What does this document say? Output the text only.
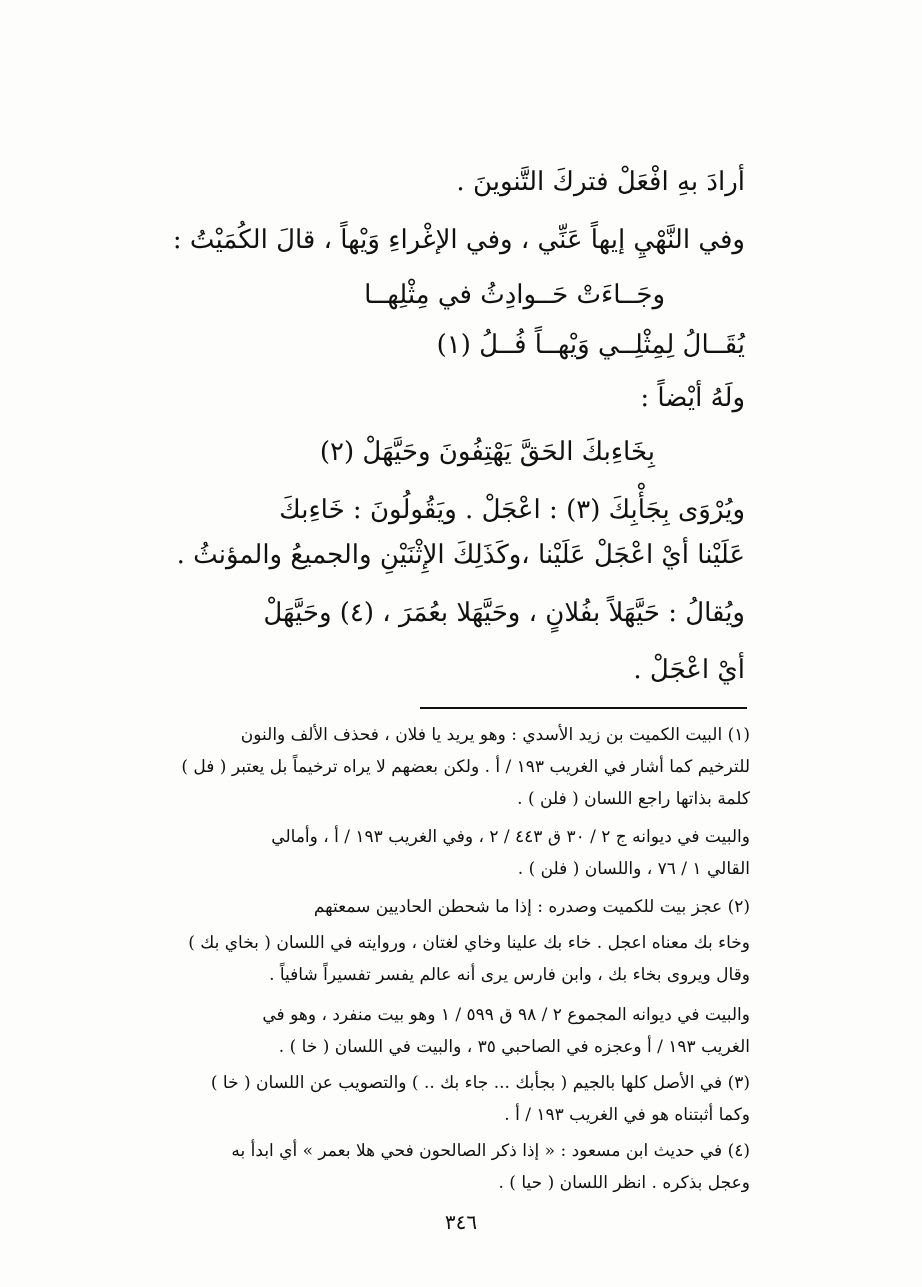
أرادَ بهِ افْعَلْ فتركَ التَّنوينَ .
وفي النَّهْيِ إيهاً عَنِّي ، وفي الإغْراءِ وَيْهاً ، قالَ الكُمَيْتُ :
وجَــاءَتْ حَــوادِثُ في مِثْلِهــا
يُقَــالُ لِمِثْلِــي وَيْهــاً فُــلُ (١)
ولَهُ أيْضاً :
بِخَاءِبكَ الحَقَّ يَهْتِفُونَ وحَيَّهَلْ (٢)
ويُرْوَى بِجَأْبِكَ (٣) : اعْجَلْ . ويَقُولُونَ : خَاءِبكَ
عَلَيْنا أيْ اعْجَلْ عَلَيْنا ،وكَذَلِكَ الإِثْنَيْنِ والجميعُ والمؤنثُ .
ويُقالُ : حَيَّهَلاً بفُلانٍ ، وحَيَّهَلا بعُمَرَ ، (٤) وحَيَّهَلْ
أيْ اعْجَلْ .
(١) البيت الكميت بن زيد الأسدي : وهو يريد يا فلان ، فحذف الألف والنون
للترخيم كما أشار في الغريب ١٩٣ / أ . ولكن بعضهم لا يراه ترخيماً بل يعتبر ( فل )
كلمة بذاتها راجع اللسان ( فلن ) .
والبيت في ديوانه ج ٢ / ٣٠ ق ٤٤٣ / ٢ ، وفي الغريب ١٩٣ / أ ، وأمالي
القالي ١ / ٧٦ ، واللسان ( فلن ) .
(٢) عجز بيت للكميت وصدره : إذا ما شحطن الحاديين سمعتهم
وخاء بك معناه اعجل . خاء بك علينا وخاي لغتان ، وروايته في اللسان ( بخاي بك )
وقال ويروى بخاء بك ، وابن فارس يرى أنه عالم يفسر تفسيراً شافياً .
والبيت في ديوانه المجموع ٢ / ٩٨ ق ٥٩٩ / ١ وهو بيت منفرد ، وهو في
الغريب ١٩٣ / أ وعجزه في الصاحبي ٣٥ ، والبيت في اللسان ( خا ) .
(٣) في الأصل كلها بالجيم ( بجأبك ... جاء بك .. ) والتصويب عن اللسان ( خا )
وكما أثبتناه هو في الغريب ١٩٣ / أ .
(٤) في حديث ابن مسعود : « إذا ذكر الصالحون فحي هلا بعمر » أي ابدأ به
وعجل بذكره . انظر اللسان ( حيا ) .
٣٤٦
